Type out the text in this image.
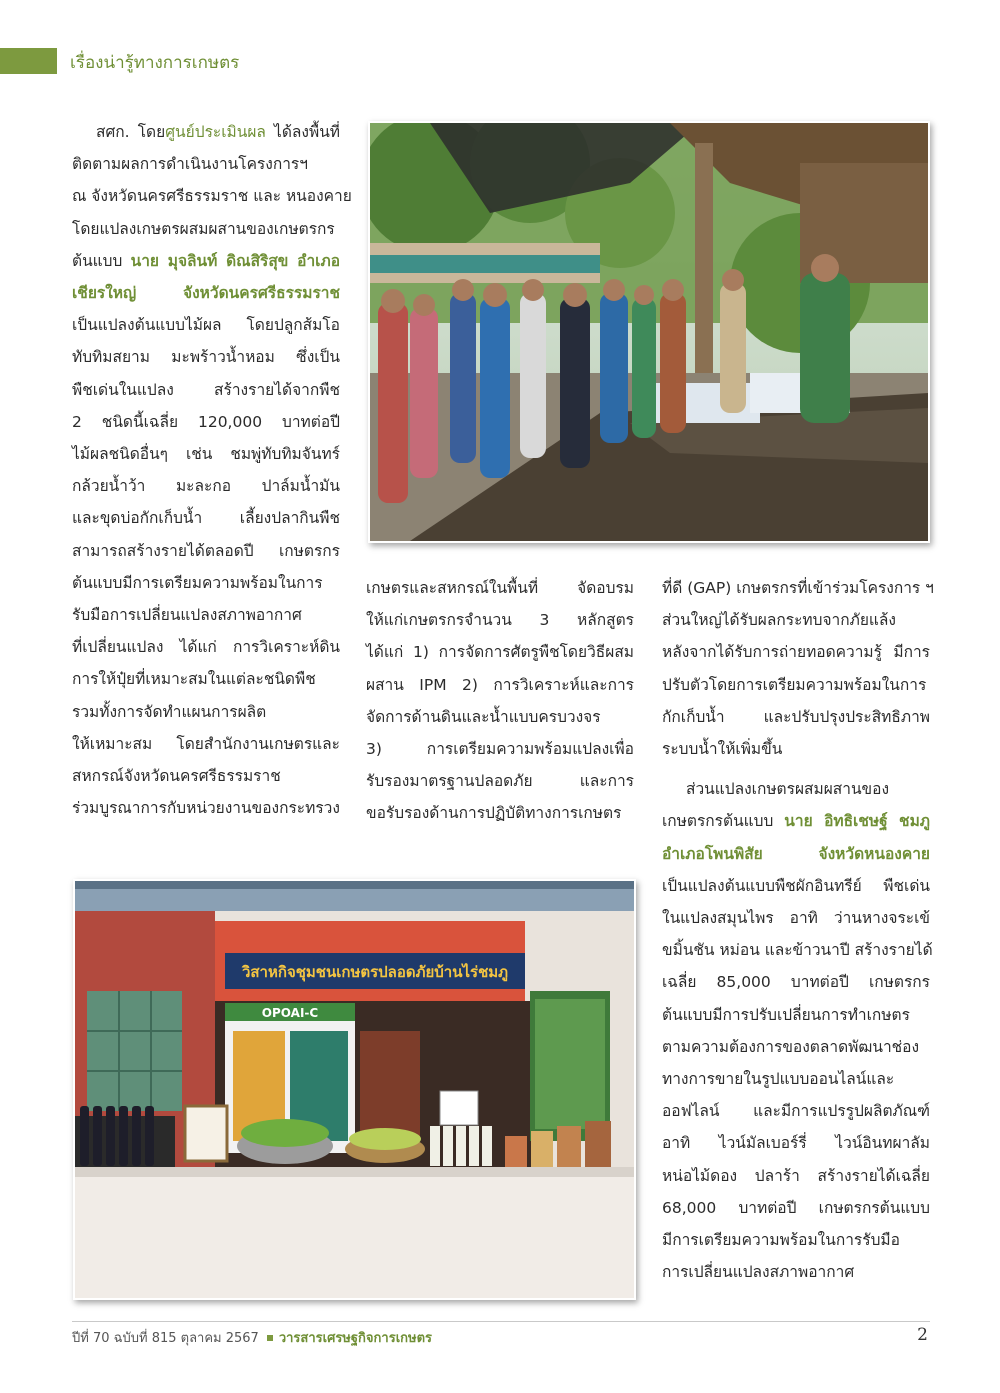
เรื่องน่ารู้ทางการเกษตร

สศก. โดยศูนย์ประเมินผล ได้ลงพื้นที่

ติดตามผลการดำเนินงานโครงการฯ

ณ จังหวัดนครศรีธรรมราช และ หนองคาย

โดยแปลงเกษตรผสมผสานของเกษตรกร

ต้นแบบ นาย มุจลินท์ ดิณสิริสุข อำเภอ

เชียรใหญ่ จังหวัดนครศรีธรรมราช

เป็นแปลงต้นแบบไม้ผล โดยปลูกส้มโอ

ทับทิมสยาม มะพร้าวน้ำหอม ซึ่งเป็น

พืชเด่นในแปลง สร้างรายได้จากพืช

2 ชนิดนี้เฉลี่ย 120,000 บาทต่อปี

ไม้ผลชนิดอื่นๆ เช่น ชมพู่ทับทิมจันทร์

กล้วยน้ำว้า มะละกอ ปาล์มน้ำมัน

และขุดบ่อกักเก็บน้ำ เลี้ยงปลากินพืช

สามารถสร้างรายได้ตลอดปี เกษตรกร

ต้นแบบมีการเตรียมความพร้อมในการ

รับมือการเปลี่ยนแปลงสภาพอากาศ

ที่เปลี่ยนแปลง ได้แก่ การวิเคราะห์ดิน

การให้ปุ๋ยที่เหมาะสมในแต่ละชนิดพืช

รวมทั้งการจัดทำแผนการผลิต

ให้เหมาะสม โดยสำนักงานเกษตรและ

สหกรณ์จังหวัดนครศรีธรรมราช

ร่วมบูรณาการกับหน่วยงานของกระทรวง

เกษตรและสหกรณ์ในพื้นที่ จัดอบรม

ให้แก่เกษตรกรจำนวน 3 หลักสูตร

ได้แก่ 1) การจัดการศัตรูพืชโดยวิธีผสม

ผสาน IPM 2) การวิเคราะห์และการ

จัดการด้านดินและน้ำแบบครบวงจร

3) การเตรียมความพร้อมแปลงเพื่อ

รับรองมาตรฐานปลอดภัย และการ

ขอรับรองด้านการปฏิบัติทางการเกษตร

ที่ดี (GAP) เกษตรกรที่เข้าร่วมโครงการ ฯ

ส่วนใหญ่ได้รับผลกระทบจากภัยแล้ง

หลังจากได้รับการถ่ายทอดความรู้ มีการ

ปรับตัวโดยการเตรียมความพร้อมในการ

กักเก็บน้ำ และปรับปรุงประสิทธิภาพ

ระบบน้ำให้เพิ่มขึ้น

ส่วนแปลงเกษตรผสมผสานของ

เกษตรกรต้นแบบ นาย อิทธิเชษฐ์ ชมภู

อำเภอโพนพิสัย จังหวัดหนองคาย

เป็นแปลงต้นแบบพืชผักอินทรีย์ พืชเด่น

ในแปลงสมุนไพร อาทิ ว่านหางจระเข้

ขมิ้นชัน หม่อน และข้าวนาปี สร้างรายได้

เฉลี่ย 85,000 บาทต่อปี เกษตรกร

ต้นแบบมีการปรับเปลี่ยนการทำเกษตร

ตามความต้องการของตลาดพัฒนาช่อง

ทางการขายในรูปแบบออนไลน์และ

ออฟไลน์ และมีการแปรรูปผลิตภัณฑ์

อาทิ ไวน์มัลเบอร์รี่ ไวน์อินทผาลัม

หน่อไม้ดอง ปลาร้า สร้างรายได้เฉลี่ย

68,000 บาทต่อปี เกษตรกรต้นแบบ

มีการเตรียมความพร้อมในการรับมือ

การเปลี่ยนแปลงสภาพอากาศ

วิสาหกิจชุมชนเกษตรปลอดภัยบ้านไร่ชมภู
OPOAI-C
ปีที่ 70 ฉบับที่ 815 ตุลาคม 2567 วารสารเศรษฐกิจการเกษตร	2
